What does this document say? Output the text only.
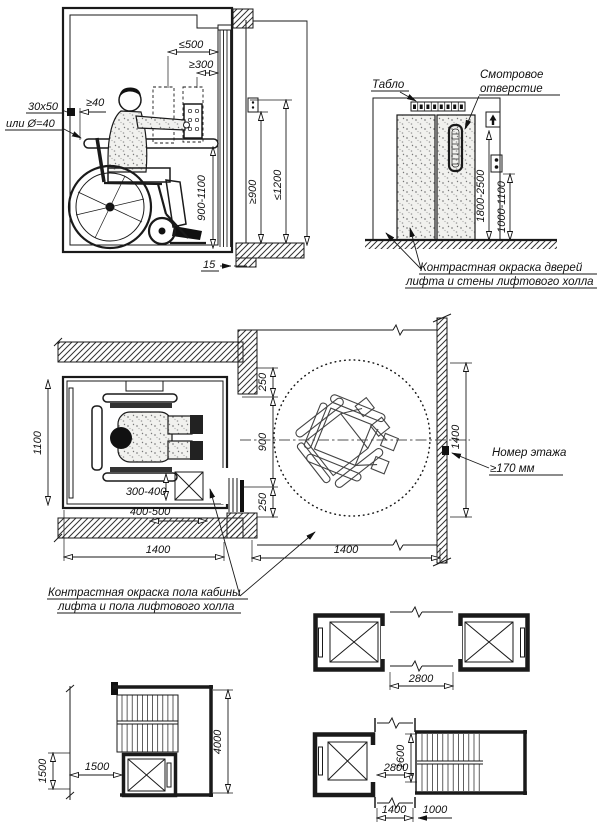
≤500
≥300
30x50
или Ø=40
≥40
900-1100	≥900 ≤1200
15
1800-2500 1000-1100
Табло
Смотровое
отверстие
Контрастная окраска дверей
лифта и стены лифтового холла
300-400
400-500
1100
1400
250
900
250
1400
1400
Номер этажа
≥170 мм
Контрастная окраска пола кабины
лифта и пола лифтового холла
2800
1500
1500
4000
1600
2800
1400 1000
